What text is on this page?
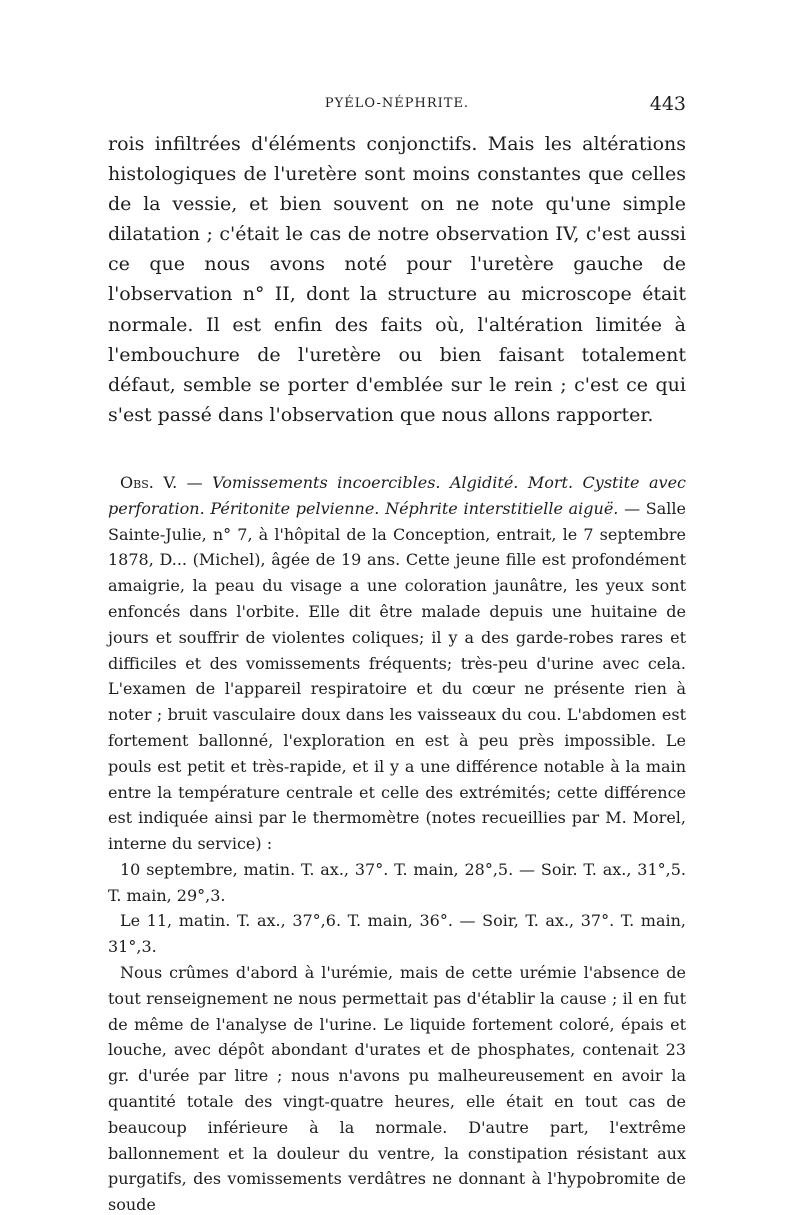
PYÉLO-NÉPHRITE.	443

rois infiltrées d'éléments conjonctifs. Mais les altérations histologiques de l'uretère sont moins constantes que celles de la vessie, et bien souvent on ne note qu'une simple dilatation ; c'était le cas de notre observation IV, c'est aussi ce que nous avons noté pour l'uretère gauche de l'observation n° II, dont la structure au microscope était normale. Il est enfin des faits où, l'altération limitée à l'embouchure de l'uretère ou bien faisant totalement défaut, semble se porter d'emblée sur le rein ; c'est ce qui s'est passé dans l'observation que nous allons rapporter.

Obs. V. — Vomissements incoercibles. Algidité. Mort. Cystite avec perforation. Péritonite pelvienne. Néphrite interstitielle aiguë. — Salle Sainte-Julie, n° 7, à l'hôpital de la Conception, entrait, le 7 septembre 1878, D... (Michel), âgée de 19 ans. Cette jeune fille est profondément amaigrie, la peau du visage a une coloration jaunâtre, les yeux sont enfoncés dans l'orbite. Elle dit être malade depuis une huitaine de jours et souffrir de violentes coliques; il y a des garde-robes rares et difficiles et des vomissements fréquents; très-peu d'urine avec cela. L'examen de l'appareil respiratoire et du cœur ne présente rien à noter ; bruit vasculaire doux dans les vaisseaux du cou. L'abdomen est fortement ballonné, l'exploration en est à peu près impossible. Le pouls est petit et très-rapide, et il y a une différence notable à la main entre la température centrale et celle des extrémités; cette différence est indiquée ainsi par le thermomètre (notes recueillies par M. Morel, interne du service) :

10 septembre, matin. T. ax., 37°. T. main, 28°,5. — Soir. T. ax., 31°,5. T. main, 29°,3.

Le 11, matin. T. ax., 37°,6. T. main, 36°. — Soir, T. ax., 37°. T. main, 31°,3.

Nous crûmes d'abord à l'urémie, mais de cette urémie l'absence de tout renseignement ne nous permettait pas d'établir la cause ; il en fut de même de l'analyse de l'urine. Le liquide fortement coloré, épais et louche, avec dépôt abondant d'urates et de phosphates, contenait 23 gr. d'urée par litre ; nous n'avons pu malheureusement en avoir la quantité totale des vingt-quatre heures, elle était en tout cas de beaucoup inférieure à la normale. D'autre part, l'extrême ballonnement et la douleur du ventre, la constipation résistant aux purgatifs, des vomissements verdâtres ne donnant à l'hypobromite de soude
